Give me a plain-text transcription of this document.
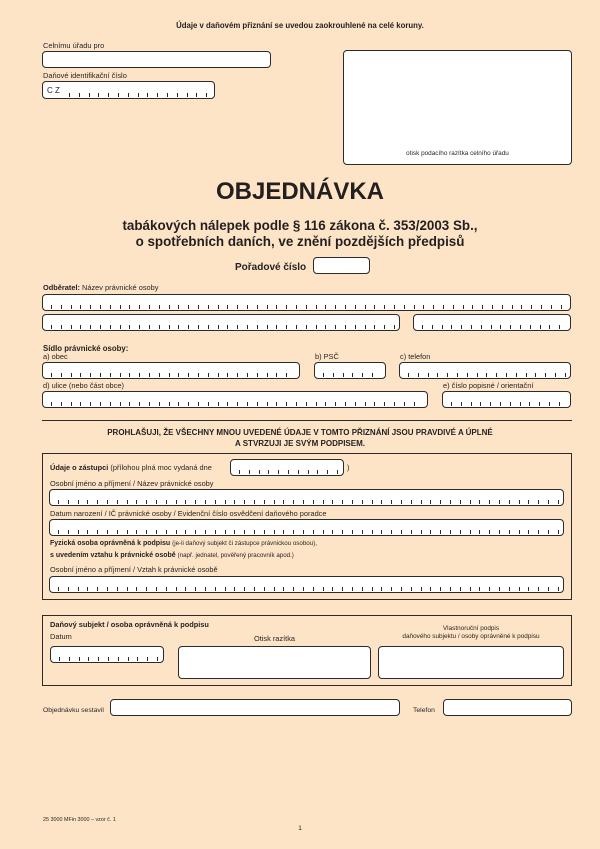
Údaje v daňovém přiznání se uvedou zaokrouhlené na celé koruny.
Celnímu úřadu pro
Daňové identifikační číslo
C Z
otisk podacího razítka celního úřadu
OBJEDNÁVKA
tabákových nálepek podle § 116 zákona č. 353/2003 Sb.,
o spotřebních daních, ve znění pozdějších předpisů
Pořadové číslo
Odběratel: Název právnické osoby
Sídlo právnické osoby:
a) obec	b) PSČ	c) telefon
d) ulice (nebo část obce)	e) číslo popisné / orientační
PROHLAŠUJI, ŽE VŠECHNY MNOU UVEDENÉ ÚDAJE V TOMTO PŘIZNÁNÍ JSOU PRAVDIVÉ A ÚPLNÉ
A STVRZUJI JE SVÝM PODPISEM.
Údaje o zástupci (přílohou plná moc vydaná dne	)
Osobní jméno a příjmení / Název právnické osoby
Datum narození / IČ právnické osoby / Evidenční číslo osvědčení daňového poradce
Fyzická osoba oprávněná k podpisu (je-li daňový subjekt či zástupce právnickou osobou),
s uvedením vztahu k právnické osobě (např. jednatel, pověřený pracovník apod.)
Osobní jméno a příjmení / Vztah k právnické osobě
Daňový subjekt / osoba oprávněná k podpisu
Datum	Otisk razítka
Vlastnoruční podpis
daňového subjektu / osoby oprávněné k podpisu
Objednávku sestavil	Telefon
25 3000 MFin 3000 – vzor č. 1
1
